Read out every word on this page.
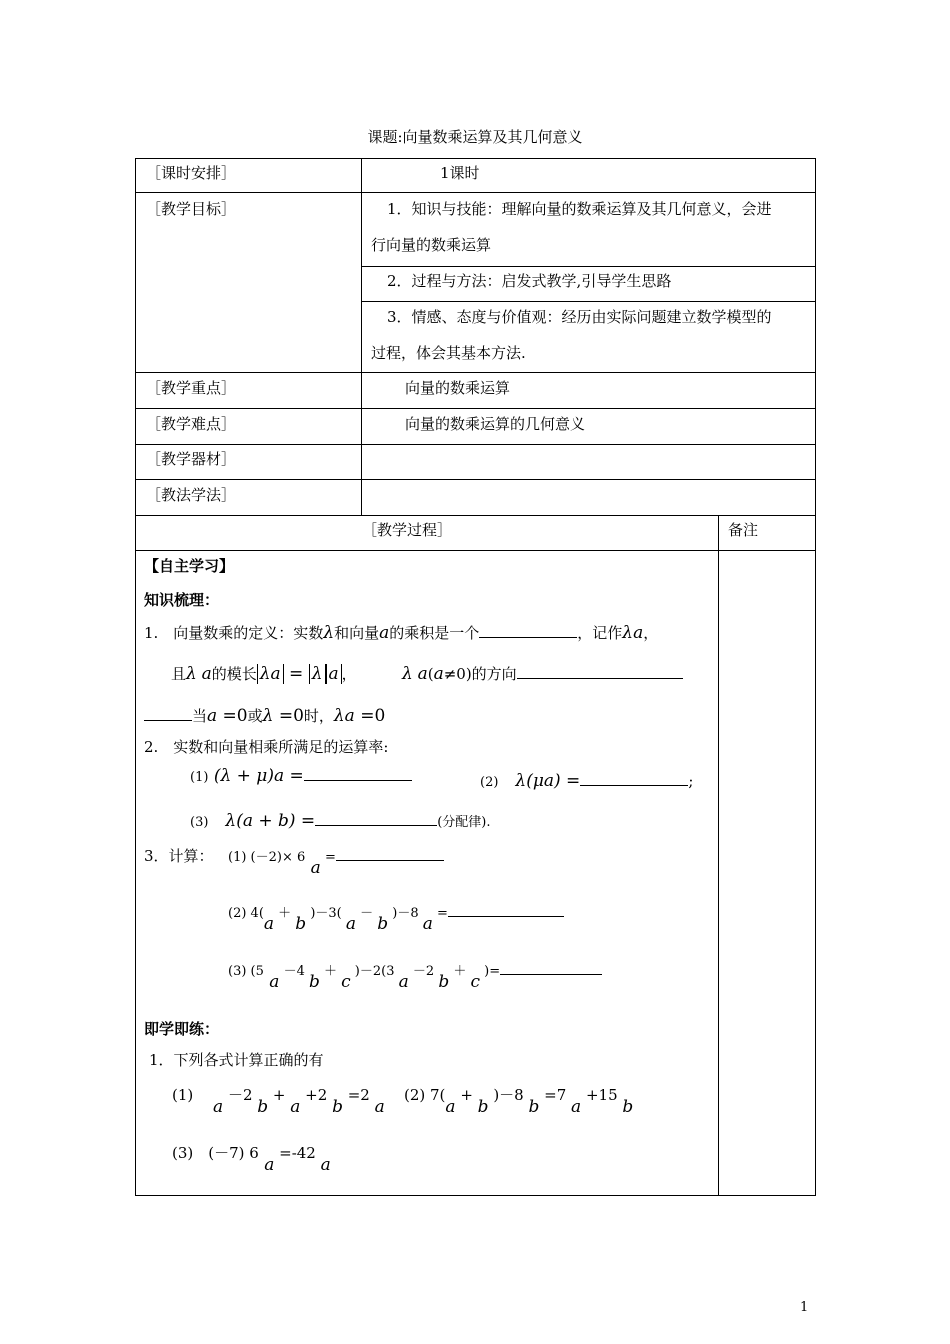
课题:向量数乘运算及其几何意义
［课时安排］	1课时
［教学目标］	1．知识与技能：理解向量的数乘运算及其几何意义，会进
行向量的数乘运算
2．过程与方法：启发式教学,引导学生思路
3．情感、态度与价值观：经历由实际问题建立数学模型的
过程，体会其基本方法.
［教学重点］	向量的数乘运算
［教学难点］	向量的数乘运算的几何意义
［教学器材］
［教法学法］
［教学过程］	备注
【自主学习】
知识梳理：
1.　向量数乘的定义：实数λ和向量a的乘积是一个	，记作λa，
且λ a的模长 λa = λ a ，	λ a(a≠0)的方向
当a =0或λ =0时，λa =0
2.　实数和向量相乘所满足的运算率:
(1) (λ + μ)a =	(2)　λ(μa) =	;
(3)　λ(a + b) =	(分配律).
3．计算： (1) (－2)× 6 a =
(2) 4(a ＋ b )－3( a － b )－8 a =
(3) (5 a －4 b ＋ c )－2(3 a －2 b ＋ c )=
即学即练：
1．下列各式计算正确的有
(1)　 a －2 b + a +2 b =2 a
(2) 7(a + b )－8 b =7 a +15 b
(3)　(－7) 6 a =-42 a
1
